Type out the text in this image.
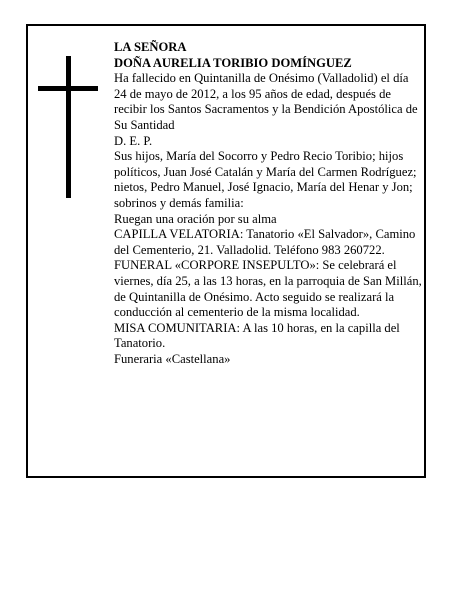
LA SEÑORA

DOÑA AURELIA TORIBIO DOMÍNGUEZ

Ha fallecido en Quintanilla de Onésimo (Valladolid) el día 24 de mayo de 2012, a los 95 años de edad, después de recibir los Santos Sacramentos y la Bendición Apostólica de Su Santidad

D. E. P.

Sus hijos, María del Socorro y Pedro Recio Toribio; hijos políticos, Juan José Catalán y María del Carmen Rodríguez; nietos, Pedro Manuel, José Ignacio, María del Henar y Jon; sobrinos y demás familia:

Ruegan una oración por su alma

CAPILLA VELATORIA: Tanatorio «El Salvador», Camino del Cementerio, 21. Valladolid. Teléfono 983 260722.

FUNERAL «CORPORE INSEPULTO»: Se celebrará el viernes, día 25, a las 13 horas, en la parroquia de San Millán, de Quintanilla de Onésimo. Acto seguido se realizará la conducción al cementerio de la misma localidad.

MISA COMUNITARIA: A las 10 horas, en la capilla del Tanatorio.

Funeraria «Castellana»
